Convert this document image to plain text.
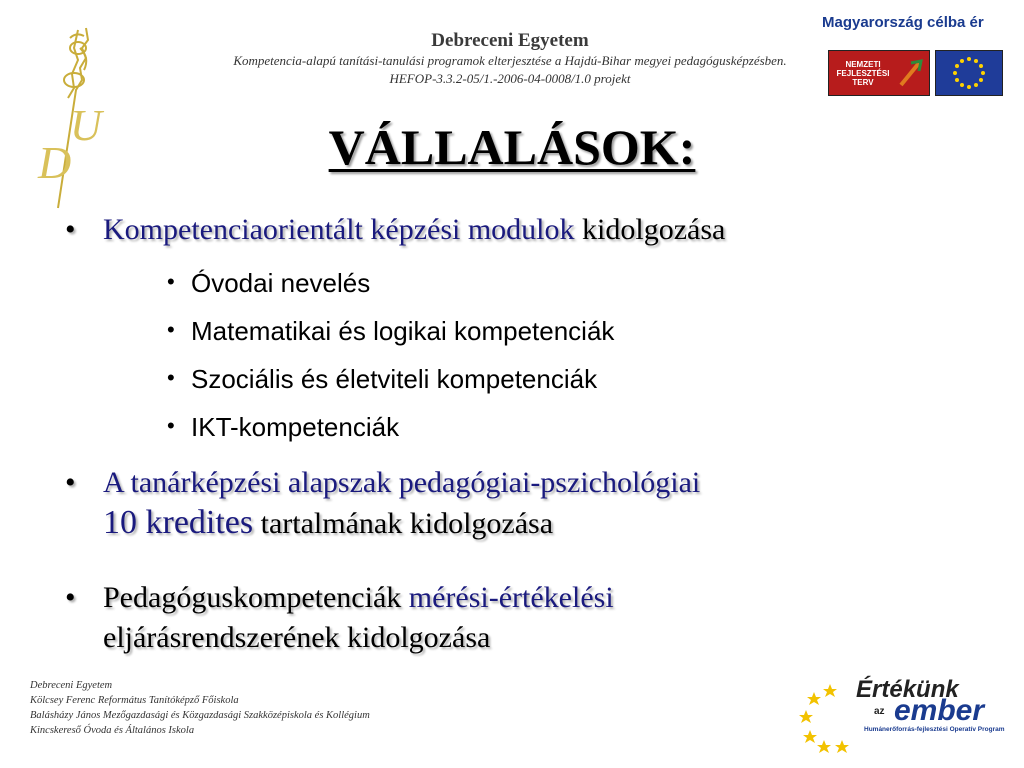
U
D
Debreceni Egyetem
Kompetencia-alapú tanítási-tanulási programok elterjesztése a Hajdú-Bihar megyei pedagógusképzésben.
HEFOP-3.3.2-05/1.-2006-04-0008/1.0 projekt
Magyarország célba ér
NEMZETI FEJLESZTÉSI TERV
VÁLLALÁSOK:
• Kompetenciaorientált képzési modulok kidolgozása
• Óvodai nevelés
• Matematikai és logikai kompetenciák
• Szociális és életviteli kompetenciák
• IKT-kompetenciák
• A tanárképzési alapszak pedagógiai-pszichológiai
10 kredites tartalmának kidolgozása
• Pedagóguskompetenciák mérési-értékelési
eljárásrendszerének kidolgozása
Debreceni Egyetem
Kölcsey Ferenc Református Tanítóképző Főiskola
Balásházy János Mezőgazdasági és Közgazdasági Szakközépiskola és Kollégium
Kincskereső Óvoda és Általános Iskola
Értékünk
az ember
Humánerőforrás-fejlesztési Operatív Program
